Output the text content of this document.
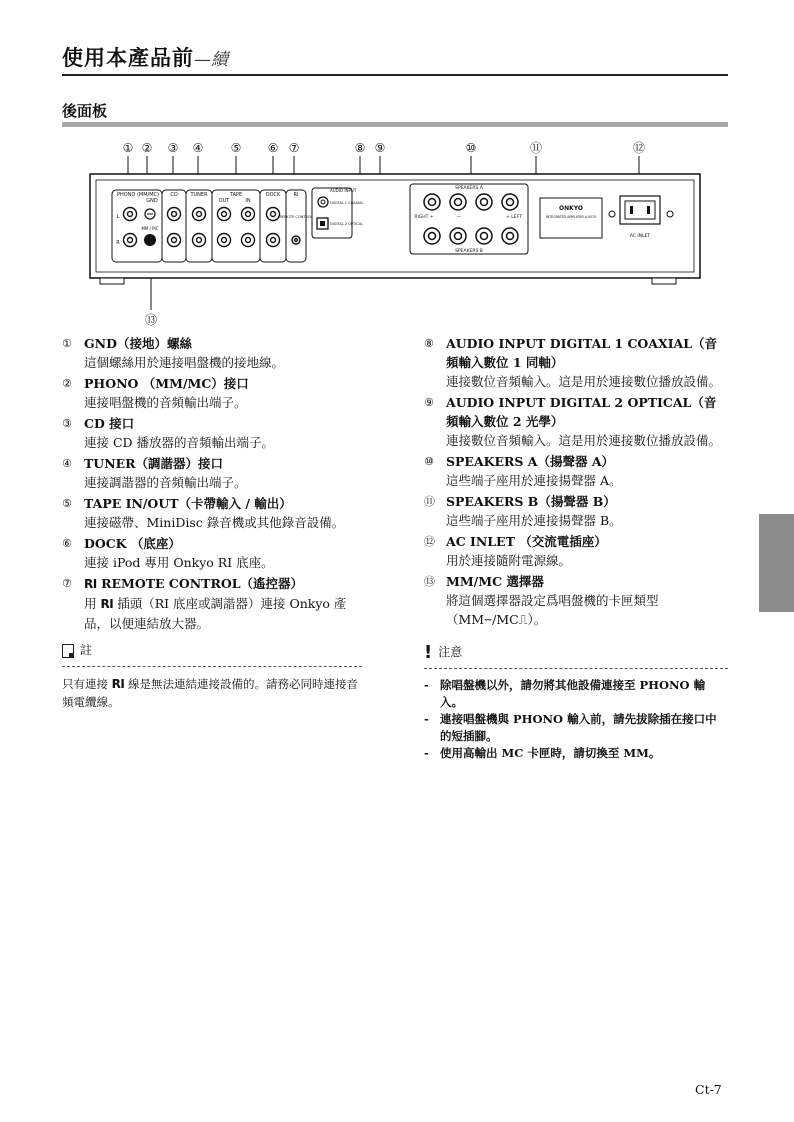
使用本產品前—續
後面板
① ② ③ ④ ⑤ ⑥ ⑦	⑧ ⑨	⑩	⑪	⑫
⑬
PHONO (MM/MC)
GND
CD	TUNER	TAPE
OUT	IN
DOCK	RI
REMOTE CONTROL
L
R
MM / MC
AUDIO INPUT
DIGITAL 1 COAXIAL
DIGITAL 2 OPTICAL
SPEAKERS A
SPEAKERS B
RIGHT +	+ LEFT
—
ONKYO
INTEGRATED AMPLIFIER A-9070
AC INLET
① GND（接地）螺絲
這個螺絲用於連接唱盤機的接地線。
② PHONO （MM/MC）接口
連接唱盤機的音頻輸出端子。
③ CD 接口
連接 CD 播放器的音頻輸出端子。
④ TUNER（調諧器）接口
連接調諧器的音頻輸出端子。
⑤ TAPE IN/OUT（卡帶輸入 / 輸出）
連接磁帶、MiniDisc 錄音機或其他錄音設備。
⑥ DOCK （底座）
連接 iPod 專用 Onkyo RI 底座。
⑦ RI REMOTE CONTROL（遙控器）
用 RI 插頭（RI 底座或調諧器）連接 Onkyo 產品，以便連結放大器。
註
只有連接 RI 線是無法連結連接設備的。請務必同時連接音頻電纜線。
⑧ AUDIO INPUT DIGITAL 1 COAXIAL（音頻輸入數位 1 同軸）
連接數位音頻輸入。這是用於連接數位播放設備。
⑨ AUDIO INPUT DIGITAL 2 OPTICAL（音頻輸入數位 2 光學）
連接數位音頻輸入。這是用於連接數位播放設備。
⑩ SPEAKERS A（揚聲器 A）
這些端子座用於連接揚聲器 A。
⑪ SPEAKERS B（揚聲器 B）
這些端子座用於連接揚聲器 B。
⑫ AC INLET （交流電插座）
用於連接隨附電源線。
⑬ MM/MC 選擇器
將這個選擇器設定爲唱盤機的卡匣類型（MM⏖/MC⎍）。
! 注意
- 除唱盤機以外，請勿將其他設備連接至 PHONO 輸入。
- 連接唱盤機與 PHONO 輸入前，請先拔除插在接口中的短插腳。
- 使用高輸出 MC 卡匣時，請切換至 MM。
Ct-7
